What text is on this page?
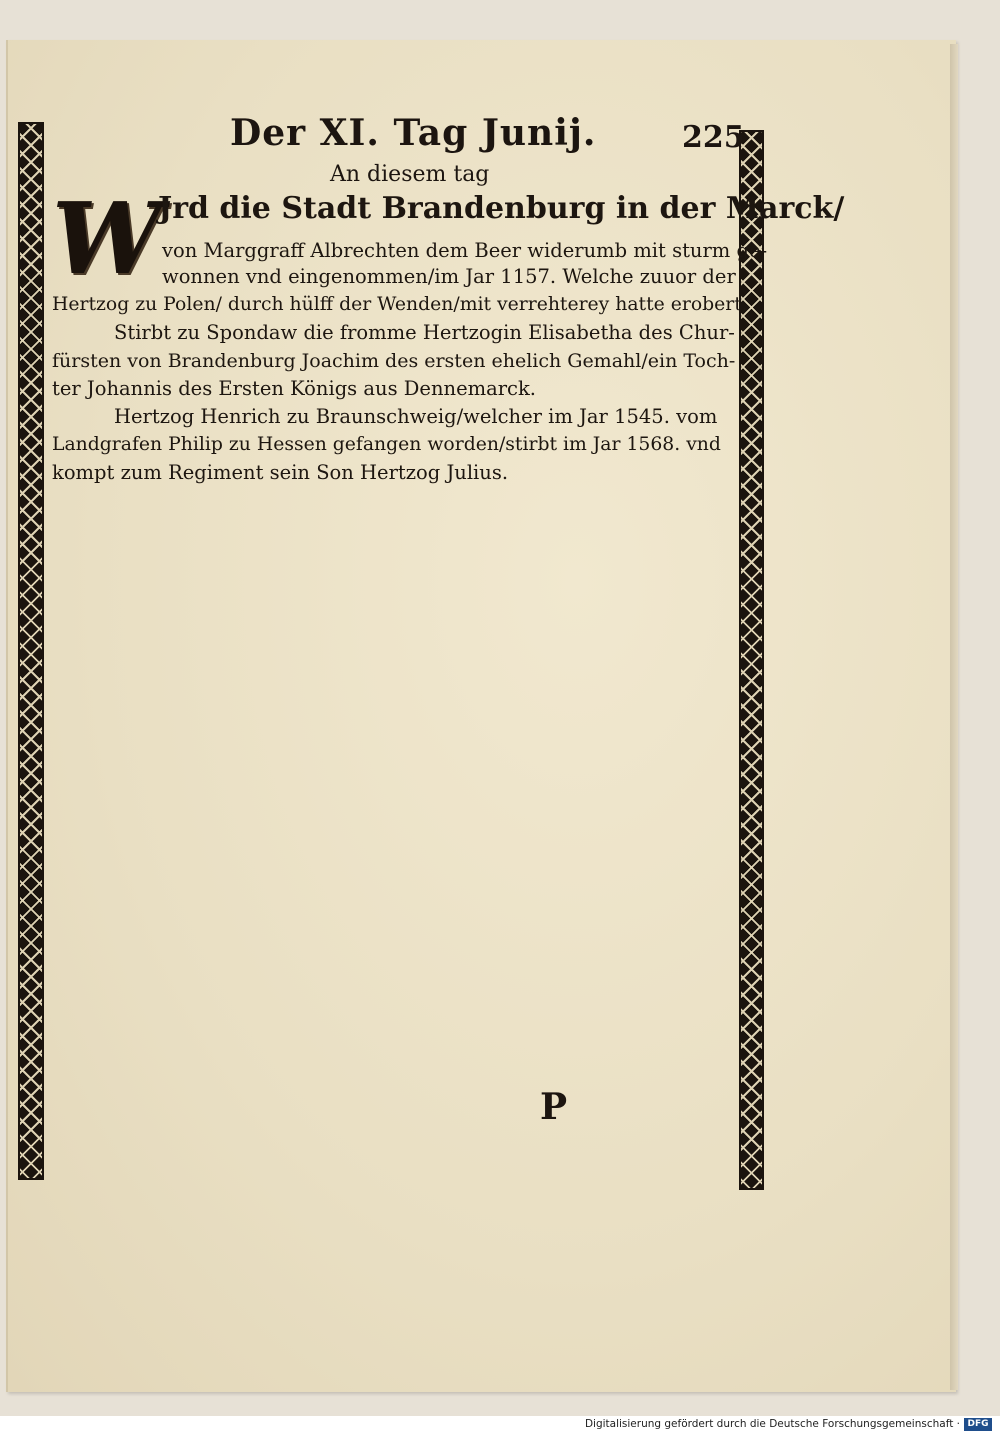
Der XI. Tag Junij.	225
An diesem tag
W
Jrd die Stadt Brandenburg in der Marck/
von Marggraff Albrechten dem Beer widerumb mit sturm ge-
wonnen vnd eingenommen/im Jar 1157. Welche zuuor der
Hertzog zu Polen/ durch hülff der Wenden/mit verrehterey hatte erobert.
Stirbt zu Spondaw die fromme Hertzogin Elisabetha des Chur-
fürsten von Brandenburg Joachim des ersten ehelich Gemahl/ein Toch-
ter Johannis des Ersten Königs aus Dennemarck.
Hertzog Henrich zu Braunschweig/welcher im Jar 1545. vom
Landgrafen Philip zu Hessen gefangen worden/stirbt im Jar 1568. vnd
kompt zum Regiment sein Son Hertzog Julius.
P
Digitalisierung gefördert durch die Deutsche Forschungsgemeinschaft · DFG
